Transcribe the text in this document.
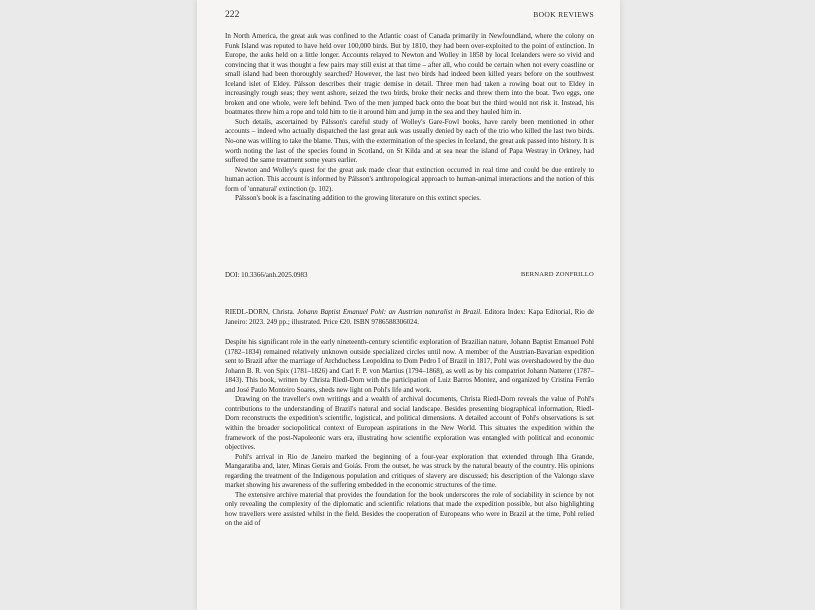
222	BOOK REVIEWS

In North America, the great auk was confined to the Atlantic coast of Canada primarily in Newfoundland, where the colony on Funk Island was reputed to have held over 100,000 birds. But by 1810, they had been over-exploited to the point of extinction. In Europe, the auks held on a little longer. Accounts relayed to Newton and Wolley in 1858 by local Icelanders were so vivid and convincing that it was thought a few pairs may still exist at that time – after all, who could be certain when not every coastline or small island had been thoroughly searched? However, the last two birds had indeed been killed years before on the southwest Iceland islet of Eldey. Pálsson describes their tragic demise in detail. Three men had taken a rowing boat out to Eldey in increasingly rough seas; they went ashore, seized the two birds, broke their necks and threw them into the boat. Two eggs, one broken and one whole, were left behind. Two of the men jumped back onto the boat but the third would not risk it. Instead, his boatmates threw him a rope and told him to tie it around him and jump in the sea and they hauled him in.

Such details, ascertained by Pálsson's careful study of Wolley's Gare-Fowl books, have rarely been mentioned in other accounts – indeed who actually dispatched the last great auk was usually denied by each of the trio who killed the last two birds. No-one was willing to take the blame. Thus, with the extermination of the species in Iceland, the great auk passed into history. It is worth noting the last of the species found in Scotland, on St Kilda and at sea near the island of Papa Westray in Orkney, had suffered the same treatment some years earlier.

Newton and Wolley's quest for the great auk made clear that extinction occurred in real time and could be due entirely to human action. This account is informed by Pálsson's anthropological approach to human-animal interactions and the notion of this form of 'unnatural' extinction (p. 102).

Pálsson's book is a fascinating addition to the growing literature on this extinct species.

DOI: 10.3366/anh.2025.0983	BERNARD ZONFRILLO

RIEDL-DORN, Christa. Johann Baptist Emanuel Pohl: an Austrian naturalist in Brazil. Editora Index: Kapa Editorial, Rio de Janeiro: 2023. 249 pp.; illustrated. Price €20. ISBN 9786588306024.

Despite his significant role in the early nineteenth-century scientific exploration of Brazilian nature, Johann Baptist Emanuel Pohl (1782–1834) remained relatively unknown outside specialized circles until now. A member of the Austrian-Bavarian expedition sent to Brazil after the marriage of Archduchess Leopoldina to Dom Pedro I of Brazil in 1817, Pohl was overshadowed by the duo Johann B. R. von Spix (1781–1826) and Carl F. P. von Martius (1794–1868), as well as by his compatriot Johann Natterer (1787–1843). This book, written by Christa Riedl-Dorn with the participation of Luiz Barros Montez, and organized by Cristina Ferrão and José Paulo Monteiro Soares, sheds new light on Pohl's life and work.

Drawing on the traveller's own writings and a wealth of archival documents, Christa Riedl-Dorn reveals the value of Pohl's contributions to the understanding of Brazil's natural and social landscape. Besides presenting biographical information, Riedl-Dorn reconstructs the expedition's scientific, logistical, and political dimensions. A detailed account of Pohl's observations is set within the broader sociopolitical context of European aspirations in the New World. This situates the expedition within the framework of the post-Napoleonic wars era, illustrating how scientific exploration was entangled with political and economic objectives.

Pohl's arrival in Rio de Janeiro marked the beginning of a four-year exploration that extended through Ilha Grande, Mangaratiba and, later, Minas Gerais and Goiás. From the outset, he was struck by the natural beauty of the country. His opinions regarding the treatment of the Indigenous population and critiques of slavery are discussed; his description of the Valongo slave market showing his awareness of the suffering embedded in the economic structures of the time.

The extensive archive material that provides the foundation for the book underscores the role of sociability in science by not only revealing the complexity of the diplomatic and scientific relations that made the expedition possible, but also highlighting how travellers were assisted whilst in the field. Besides the cooperation of Europeans who were in Brazil at the time, Pohl relied on the aid of
